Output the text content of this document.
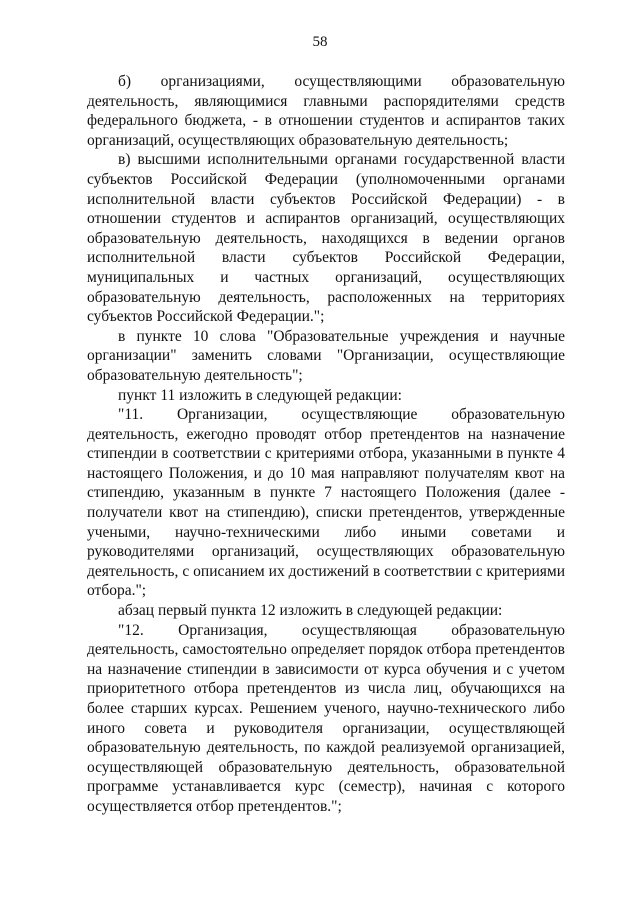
58

б) организациями, осуществляющими образовательную деятельность, являющимися главными распорядителями средств федерального бюджета, - в отношении студентов и аспирантов таких организаций, осуществляющих образовательную деятельность;

в) высшими исполнительными органами государственной власти субъектов Российской Федерации (уполномоченными органами исполнительной власти субъектов Российской Федерации) - в отношении студентов и аспирантов организаций, осуществляющих образовательную деятельность, находящихся в ведении органов исполнительной власти субъектов Российской Федерации, муниципальных и частных организаций, осуществляющих образовательную деятельность, расположенных на территориях субъектов Российской Федерации.";

в пункте 10 слова "Образовательные учреждения и научные организации" заменить словами "Организации, осуществляющие образовательную деятельность";

пункт 11 изложить в следующей редакции:

"11. Организации, осуществляющие образовательную деятельность, ежегодно проводят отбор претендентов на назначение стипендии в соответствии с критериями отбора, указанными в пункте 4 настоящего Положения, и до 10 мая направляют получателям квот на стипендию, указанным в пункте 7 настоящего Положения (далее - получатели квот на стипендию), списки претендентов, утвержденные учеными, научно-техническими либо иными советами и руководителями организаций, осуществляющих образовательную деятельность, с описанием их достижений в соответствии с критериями отбора.";

абзац первый пункта 12 изложить в следующей редакции:

"12. Организация, осуществляющая образовательную деятельность, самостоятельно определяет порядок отбора претендентов на назначение стипендии в зависимости от курса обучения и с учетом приоритетного отбора претендентов из числа лиц, обучающихся на более старших курсах. Решением ученого, научно-технического либо иного совета и руководителя организации, осуществляющей образовательную деятельность, по каждой реализуемой организацией, осуществляющей образовательную деятельность, образовательной программе устанавливается курс (семестр), начиная с которого осуществляется отбор претендентов.";
